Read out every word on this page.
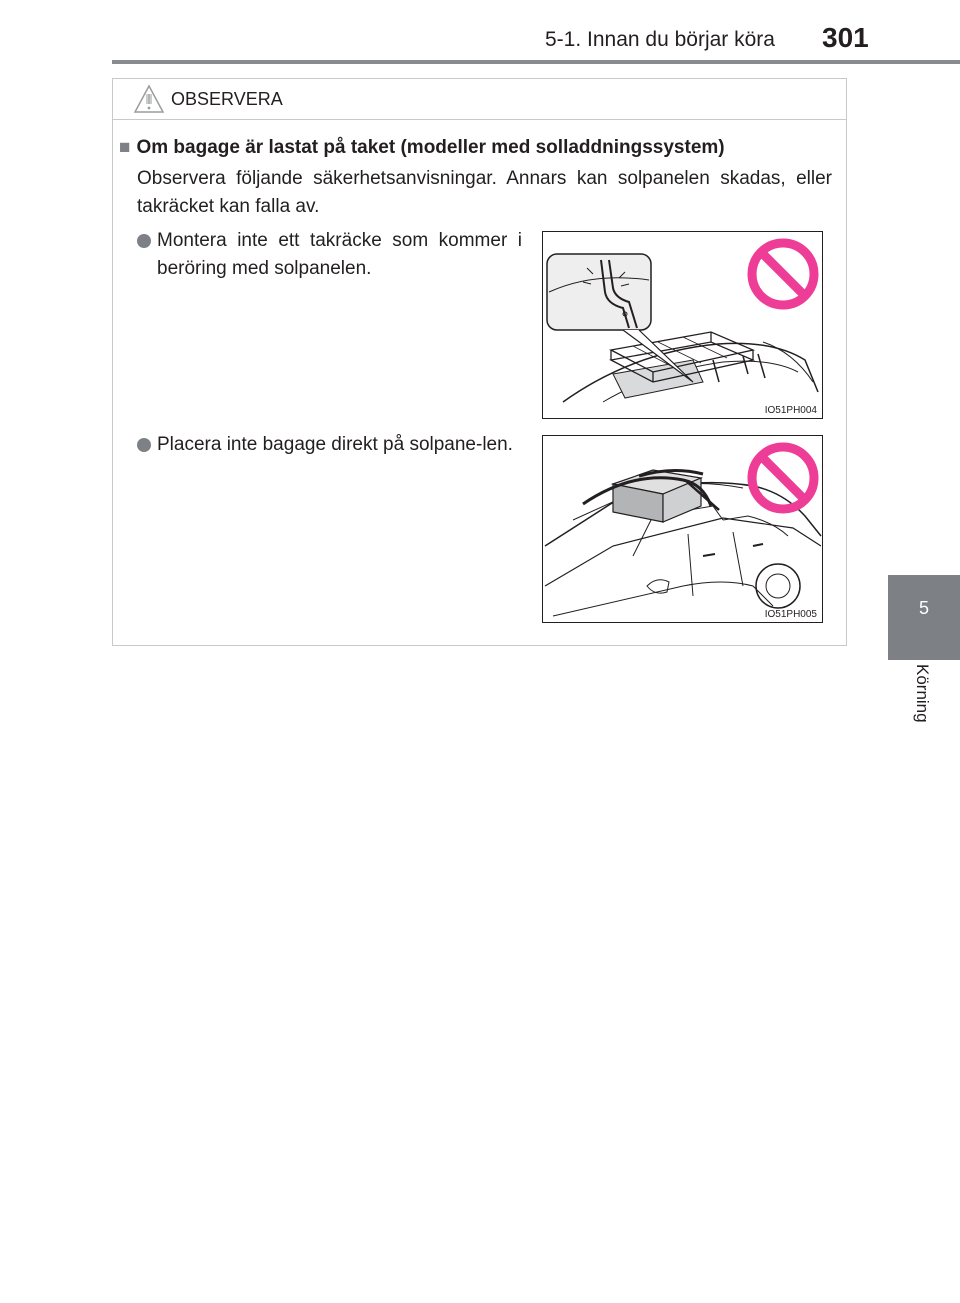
5-1. Innan du börjar köra 301
5
Körning
OBSERVERA
■ Om bagage är lastat på taket (modeller med solladdningssystem)
Observera följande säkerhetsanvisningar. Annars kan solpanelen skadas, eller takräcket kan falla av.
Montera inte ett takräcke som kommer i beröring med solpanelen.
IO51PH004
Placera inte bagage direkt på solpane-len.
IO51PH005
